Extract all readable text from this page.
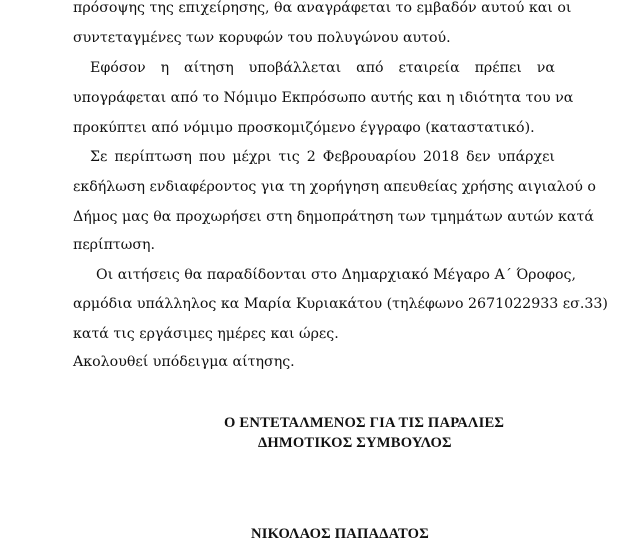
πρόσοψης της επιχείρησης, θα αναγράφεται το εμβαδόν αυτού και οι
συντεταγμένες των κορυφών του πολυγώνου αυτού.
Εφόσον η αίτηση υποβάλλεται από εταιρεία πρέπει να
υπογράφεται από το Νόμιμο Εκπρόσωπο αυτής και η ιδιότητα του να
προκύπτει από νόμιμο προσκομιζόμενο έγγραφο (καταστατικό).
Σε περίπτωση που μέχρι τις 2 Φεβρουαρίου 2018 δεν υπάρχει
εκδήλωση ενδιαφέροντος για τη χορήγηση απευθείας χρήσης αιγιαλού ο
Δήμος μας θα προχωρήσει στη δημοπράτηση των τμημάτων αυτών κατά
περίπτωση.
Οι αιτήσεις θα παραδίδονται στο Δημαρχιακό Μέγαρο Α΄ Όροφος,
αρμόδια υπάλληλος κα Μαρία Κυριακάτου (τηλέφωνο 2671022933 εσ.33)
κατά τις εργάσιμες ημέρες και ώρες.
Ακολουθεί υπόδειγμα αίτησης.
Ο ΕΝΤΕΤΑΛΜΕΝΟΣ ΓΙΑ ΤΙΣ ΠΑΡΑΛΙΕΣ
ΔΗΜΟΤΙΚΟΣ ΣΥΜΒΟΥΛΟΣ
ΝΙΚΟΛΑΟΣ ΠΑΠΑΔΑΤΟΣ
